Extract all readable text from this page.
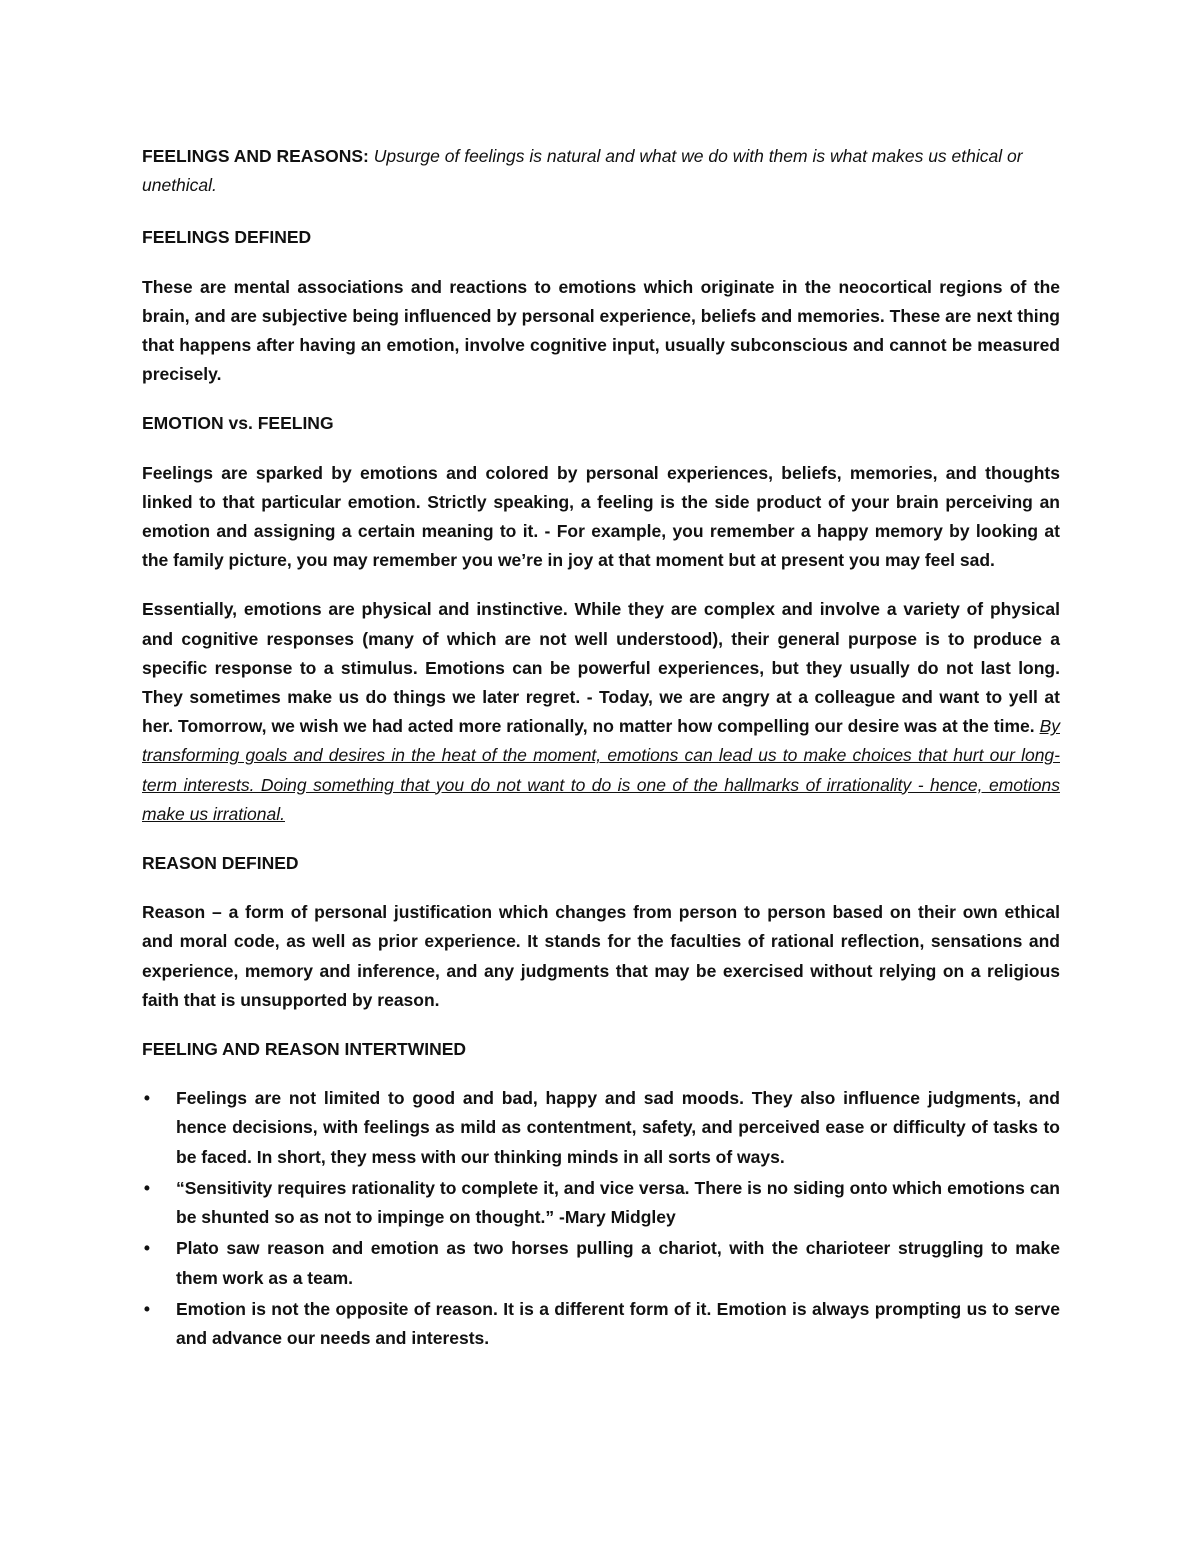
FEELINGS AND REASONS: Upsurge of feelings is natural and what we do with them is what makes us ethical or unethical.

FEELINGS DEFINED

These are mental associations and reactions to emotions which originate in the neocortical regions of the brain, and are subjective being influenced by personal experience, beliefs and memories. These are next thing that happens after having an emotion, involve cognitive input, usually subconscious and cannot be measured precisely.

EMOTION vs. FEELING

Feelings are sparked by emotions and colored by personal experiences, beliefs, memories, and thoughts linked to that particular emotion. Strictly speaking, a feeling is the side product of your brain perceiving an emotion and assigning a certain meaning to it. - For example, you remember a happy memory by looking at the family picture, you may remember you we’re in joy at that moment but at present you may feel sad.

Essentially, emotions are physical and instinctive. While they are complex and involve a variety of physical and cognitive responses (many of which are not well understood), their general purpose is to produce a specific response to a stimulus. Emotions can be powerful experiences, but they usually do not last long. They sometimes make us do things we later regret. - Today, we are angry at a colleague and want to yell at her. Tomorrow, we wish we had acted more rationally, no matter how compelling our desire was at the time. By transforming goals and desires in the heat of the moment, emotions can lead us to make choices that hurt our long-term interests. Doing something that you do not want to do is one of the hallmarks of irrationality - hence, emotions make us irrational.

REASON DEFINED

Reason – a form of personal justification which changes from person to person based on their own ethical and moral code, as well as prior experience. It stands for the faculties of rational reflection, sensations and experience, memory and inference, and any judgments that may be exercised without relying on a religious faith that is unsupported by reason.

FEELING AND REASON INTERTWINED
• Feelings are not limited to good and bad, happy and sad moods. They also influence judgments, and hence decisions, with feelings as mild as contentment, safety, and perceived ease or difficulty of tasks to be faced. In short, they mess with our thinking minds in all sorts of ways.
• “Sensitivity requires rationality to complete it, and vice versa. There is no siding onto which emotions can be shunted so as not to impinge on thought.” -Mary Midgley
• Plato saw reason and emotion as two horses pulling a chariot, with the charioteer struggling to make them work as a team.
• Emotion is not the opposite of reason. It is a different form of it. Emotion is always prompting us to serve and advance our needs and interests.
